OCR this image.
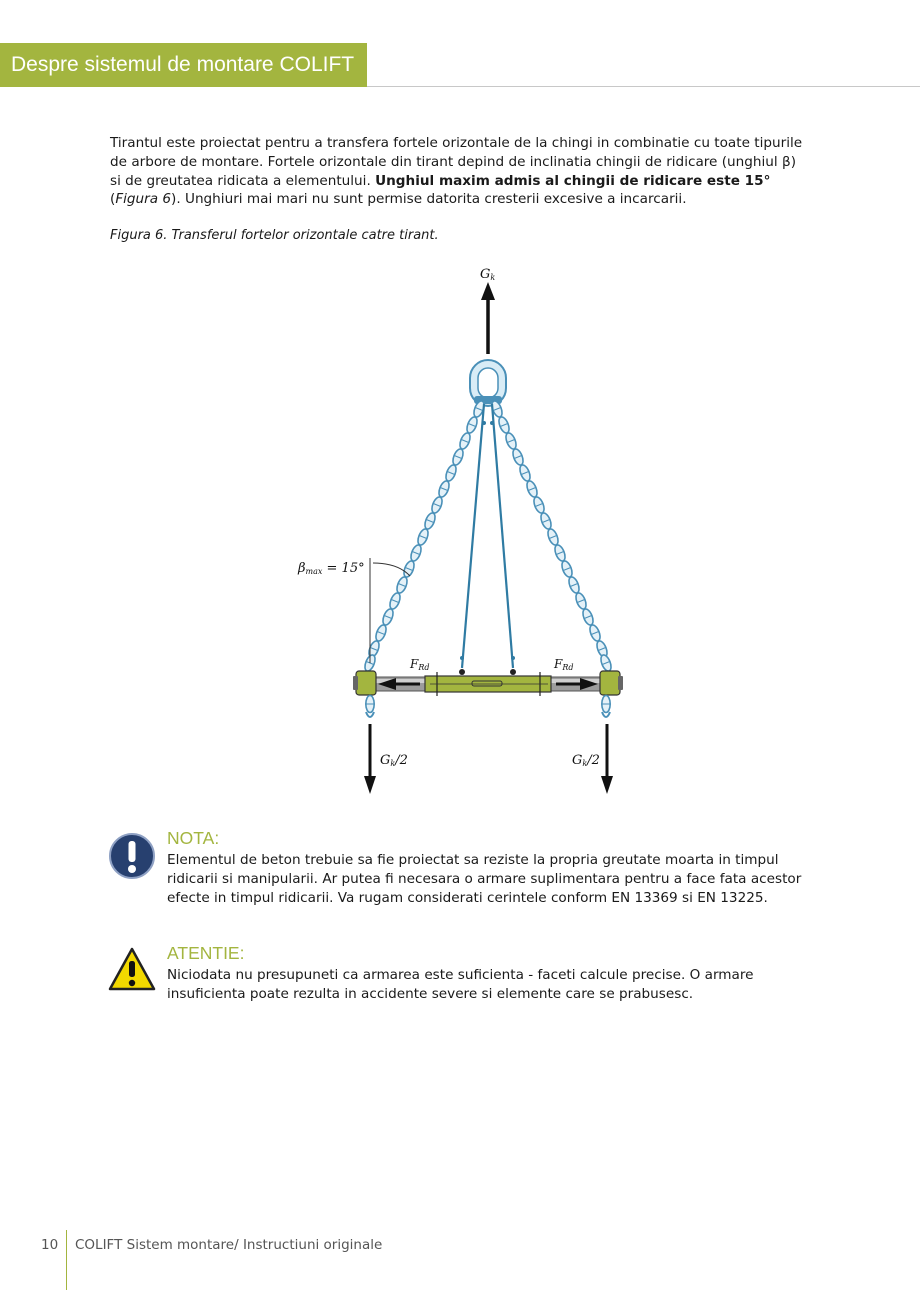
Despre sistemul de montare COLIFT
Tirantul este proiectat pentru a transfera fortele orizontale de la chingi in combinatie cu toate tipurile de arbore de montare. Fortele orizontale din tirant depind de inclinatia chingii de ridicare (unghiul β) si de greutatea ridicata a elementului. Unghiul maxim admis al chingii de ridicare este 15° (Figura 6). Unghiuri mai mari nu sunt permise datorita cresterii excesive a incarcarii.
Figura 6. Transferul fortelor orizontale catre tirant.
Gk
βmax = 15°
FRd	FRd
Gk/2	Gk/2
NOTA:
Elementul de beton trebuie sa fie proiectat sa reziste la propria greutate moarta in timpul ridicarii si manipularii. Ar putea fi necesara o armare suplimentara pentru a face fata acestor efecte in timpul ridicarii. Va rugam considerati cerintele conform EN 13369 si EN 13225.
ATENTIE:
Niciodata nu presupuneti ca armarea este suficienta - faceti calcule precise. O armare insuficienta poate rezulta in accidente severe si elemente care se prabusesc.
10 COLIFT Sistem montare/ Instructiuni originale
